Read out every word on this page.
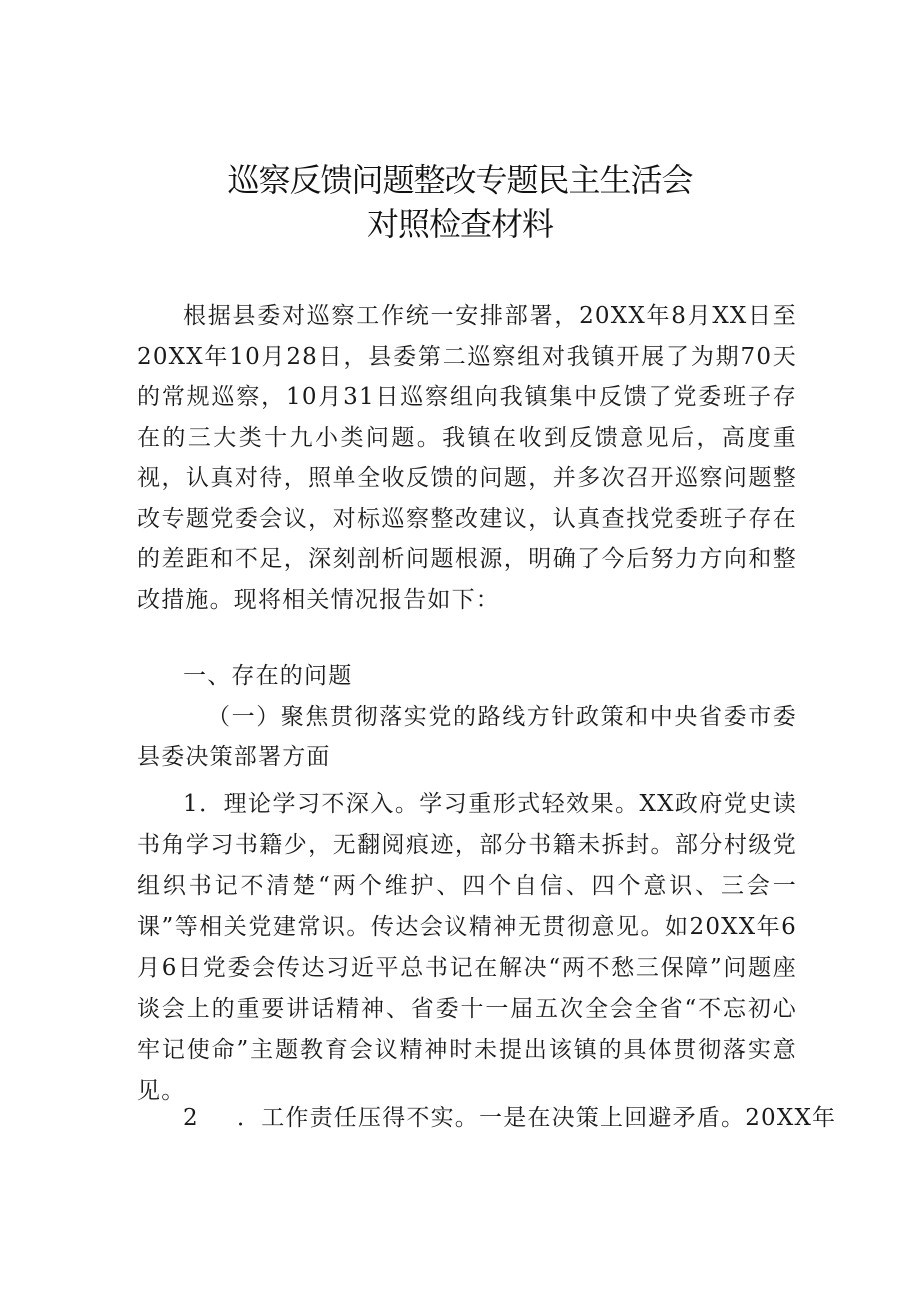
巡察反馈问题整改专题民主生活会
对照检查材料

根据县委对巡察工作统一安排部署，20XX年8月XX日至20XX年10月28日，县委第二巡察组对我镇开展了为期70天的常规巡察，10月31日巡察组向我镇集中反馈了党委班子存在的三大类十九小类问题。我镇在收到反馈意见后，高度重视，认真对待，照单全收反馈的问题，并多次召开巡察问题整改专题党委会议，对标巡察整改建议，认真查找党委班子存在的差距和不足，深刻剖析问题根源，明确了今后努力方向和整改措施。现将相关情况报告如下：

一、存在的问题

（一）聚焦贯彻落实党的路线方针政策和中央省委市委县委决策部署方面

1．理论学习不深入。学习重形式轻效果。XX政府党史读书角学习书籍少，无翻阅痕迹，部分书籍未拆封。部分村级党组织书记不清楚“两个维护、四个自信、四个意识、三会一课”等相关党建常识。传达会议精神无贯彻意见。如20XX年6月6日党委会传达习近平总书记在解决“两不愁三保障”问题座谈会上的重要讲话精神、省委十一届五次全会全省“不忘初心牢记使命”主题教育会议精神时未提出该镇的具体贯彻落实意见。

2 ．工作责任压得不实。一是在决策上回避矛盾。20XX年
